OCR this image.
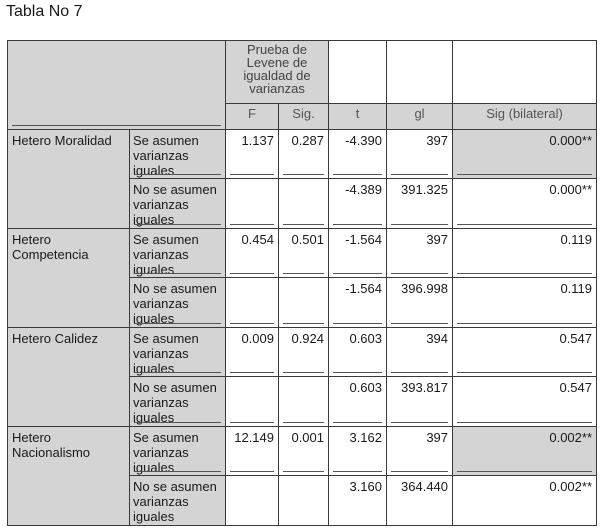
Tabla No 7
		Prueba de Levene de igualdad de varianzas				
		F	Sig.	t	gl	Sig (bilateral)
Hetero Moralidad	Se asumen varianzas iguales	1.137	0.287	-4.390	397	0.000**
	No se asumen varianzas iguales			-4.389	391.325	0.000**
Hetero Competencia	Se asumen varianzas iguales	0.454	0.501	-1.564	397	0.119
	No se asumen varianzas iguales			-1.564	396.998	0.119
Hetero Calidez	Se asumen varianzas iguales	0.009	0.924	0.603	394	0.547
	No se asumen varianzas iguales			0.603	393.817	0.547
Hetero Nacionalismo	Se asumen varianzas iguales	12.149	0.001	3.162	397	0.002**
	No se asumen varianzas iguales			3.160	364.440	0.002**
